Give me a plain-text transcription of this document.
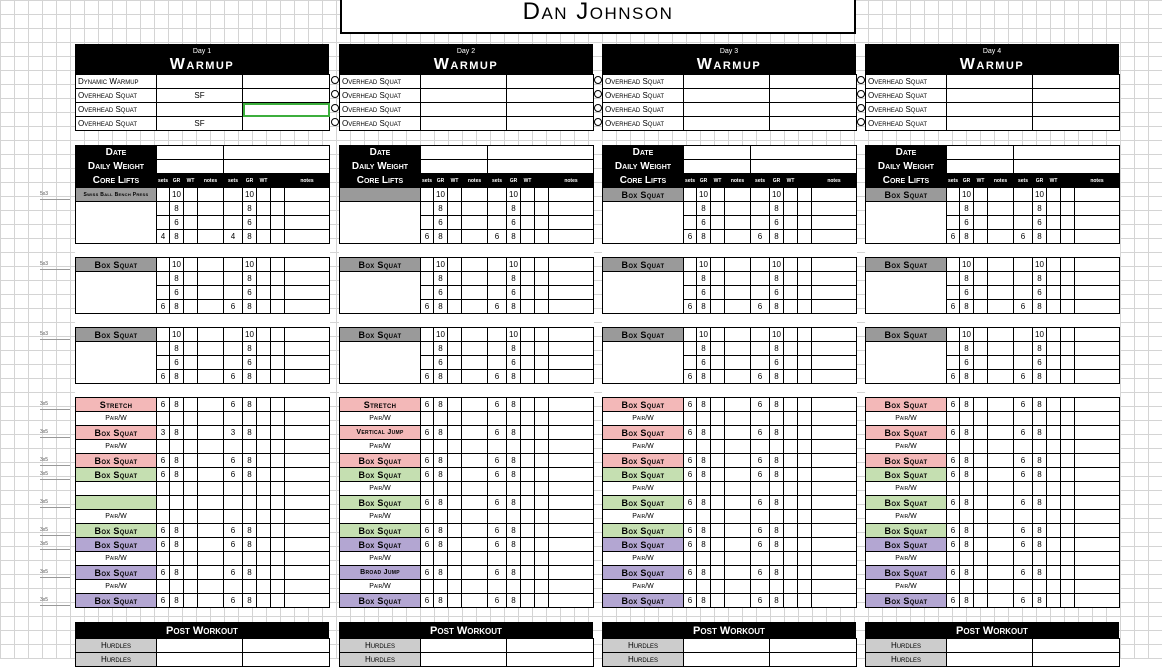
Dan Johnson
5x3
5x3
5x3
3x5
3x5
3x5
3x5
3x5
3x5
3x5
3x5
3x5
Day 1
Warmup
Dynamic Warmup		
Overhead Squat	SF	
Overhead Squat		
Overhead Squat	SF	
Date									
Daily Weight									
Core Lifts	sets	GR	WT	notes	sets	GR	WT		notes
Swiss Ball Bench Press		10				10			
		8				8			
		6				6			
	4	8			4	8			

Box Squat		10				10			
		8				8			
		6				6			
	6	8			6	8			

Box Squat		10				10			
		8				8			
		6				6			
	6	8			6	8			

Stretch	6	8			6	8			
Pair/W									
Box Squat	3	8			3	8			
Pair/W									
Box Squat	6	8			6	8			
Box Squat	6	8			6	8			

Pair/W									
Box Squat	6	8			6	8			
Box Squat	6	8			6	8			
Pair/W									
Box Squat	6	8			6	8			
Pair/W									
Box Squat	6	8			6	8			
Post Workout
Hurdles		
Hurdles		
Day 2
Warmup
Overhead Squat		
Overhead Squat		
Overhead Squat		
Overhead Squat		
Date									
Daily Weight									
Core Lifts	sets	GR	WT	notes	sets	GR	WT		notes
		10				10			
		8				8			
		6				6			
	6	8			6	8			

Box Squat		10				10			
		8				8			
		6				6			
	6	8			6	8			

Box Squat		10				10			
		8				8			
		6				6			
	6	8			6	8			

Stretch	6	8			6	8			
Pair/W									
Vertical Jump	6	8			6	8			
Pair/W									
Box Squat	6	8			6	8			
Box Squat	6	8			6	8			
Pair/W									
Box Squat	6	8			6	8			
Pair/W									
Box Squat	6	8			6	8			
Box Squat	6	8			6	8			
Pair/W									
Broad Jump	6	8			6	8			
Pair/W									
Box Squat	6	8			6	8			
Post Workout
Hurdles		
Hurdles		
Day 3
Warmup
Overhead Squat		
Overhead Squat		
Overhead Squat		
Overhead Squat		
Date									
Daily Weight									
Core Lifts	sets	GR	WT	notes	sets	GR	WT		notes
Box Squat		10				10			
		8				8			
		6				6			
	6	8			6	8			

Box Squat		10				10			
		8				8			
		6				6			
	6	8			6	8			

Box Squat		10				10			
		8				8			
		6				6			
	6	8			6	8			

Box Squat	6	8			6	8			
Pair/W									
Box Squat	6	8			6	8			
Pair/W									
Box Squat	6	8			6	8			
Box Squat	6	8			6	8			
Pair/W									
Box Squat	6	8			6	8			
Pair/W									
Box Squat	6	8			6	8			
Box Squat	6	8			6	8			
Pair/W									
Box Squat	6	8			6	8			
Pair/W									
Box Squat	6	8			6	8			
Post Workout
Hurdles		
Hurdles		
Day 4
Warmup
Overhead Squat		
Overhead Squat		
Overhead Squat		
Overhead Squat		
Date									
Daily Weight									
Core Lifts	sets	GR	WT	notes	sets	GR	WT		notes
Box Squat		10				10			
		8				8			
		6				6			
	6	8			6	8			

Box Squat		10				10			
		8				8			
		6				6			
	6	8			6	8			

Box Squat		10				10			
		8				8			
		6				6			
	6	8			6	8			

Box Squat	6	8			6	8			
Pair/W									
Box Squat	6	8			6	8			
Pair/W									
Box Squat	6	8			6	8			
Box Squat	6	8			6	8			
Pair/W									
Box Squat	6	8			6	8			
Pair/W									
Box Squat	6	8			6	8			
Box Squat	6	8			6	8			
Pair/W									
Box Squat	6	8			6	8			
Pair/W									
Box Squat	6	8			6	8			
Post Workout
Hurdles		
Hurdles		
